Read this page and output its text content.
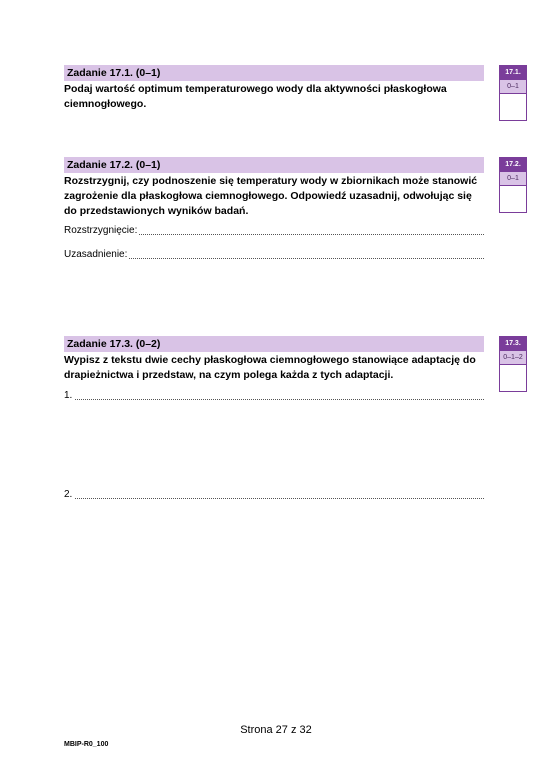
Zadanie 17.1. (0–1)
Podaj wartość optimum temperaturowego wody dla aktywności płaskogłowa ciemnogłowego.
17.1.
0–1
Zadanie 17.2. (0–1)
Rozstrzygnij, czy podnoszenie się temperatury wody w zbiornikach może stanowić zagrożenie dla płaskogłowa ciemnogłowego. Odpowiedź uzasadnij, odwołując się do przedstawionych wyników badań.
Rozstrzygnięcie:
Uzasadnienie:
17.2.
0–1
Zadanie 17.3. (0–2)
Wypisz z tekstu dwie cechy płaskogłowa ciemnogłowego stanowiące adaptację do drapieżnictwa i przedstaw, na czym polega każda z tych adaptacji.
1.
2.
17.3.
0–1–2
Strona 27 z 32
MBIP-R0_100
